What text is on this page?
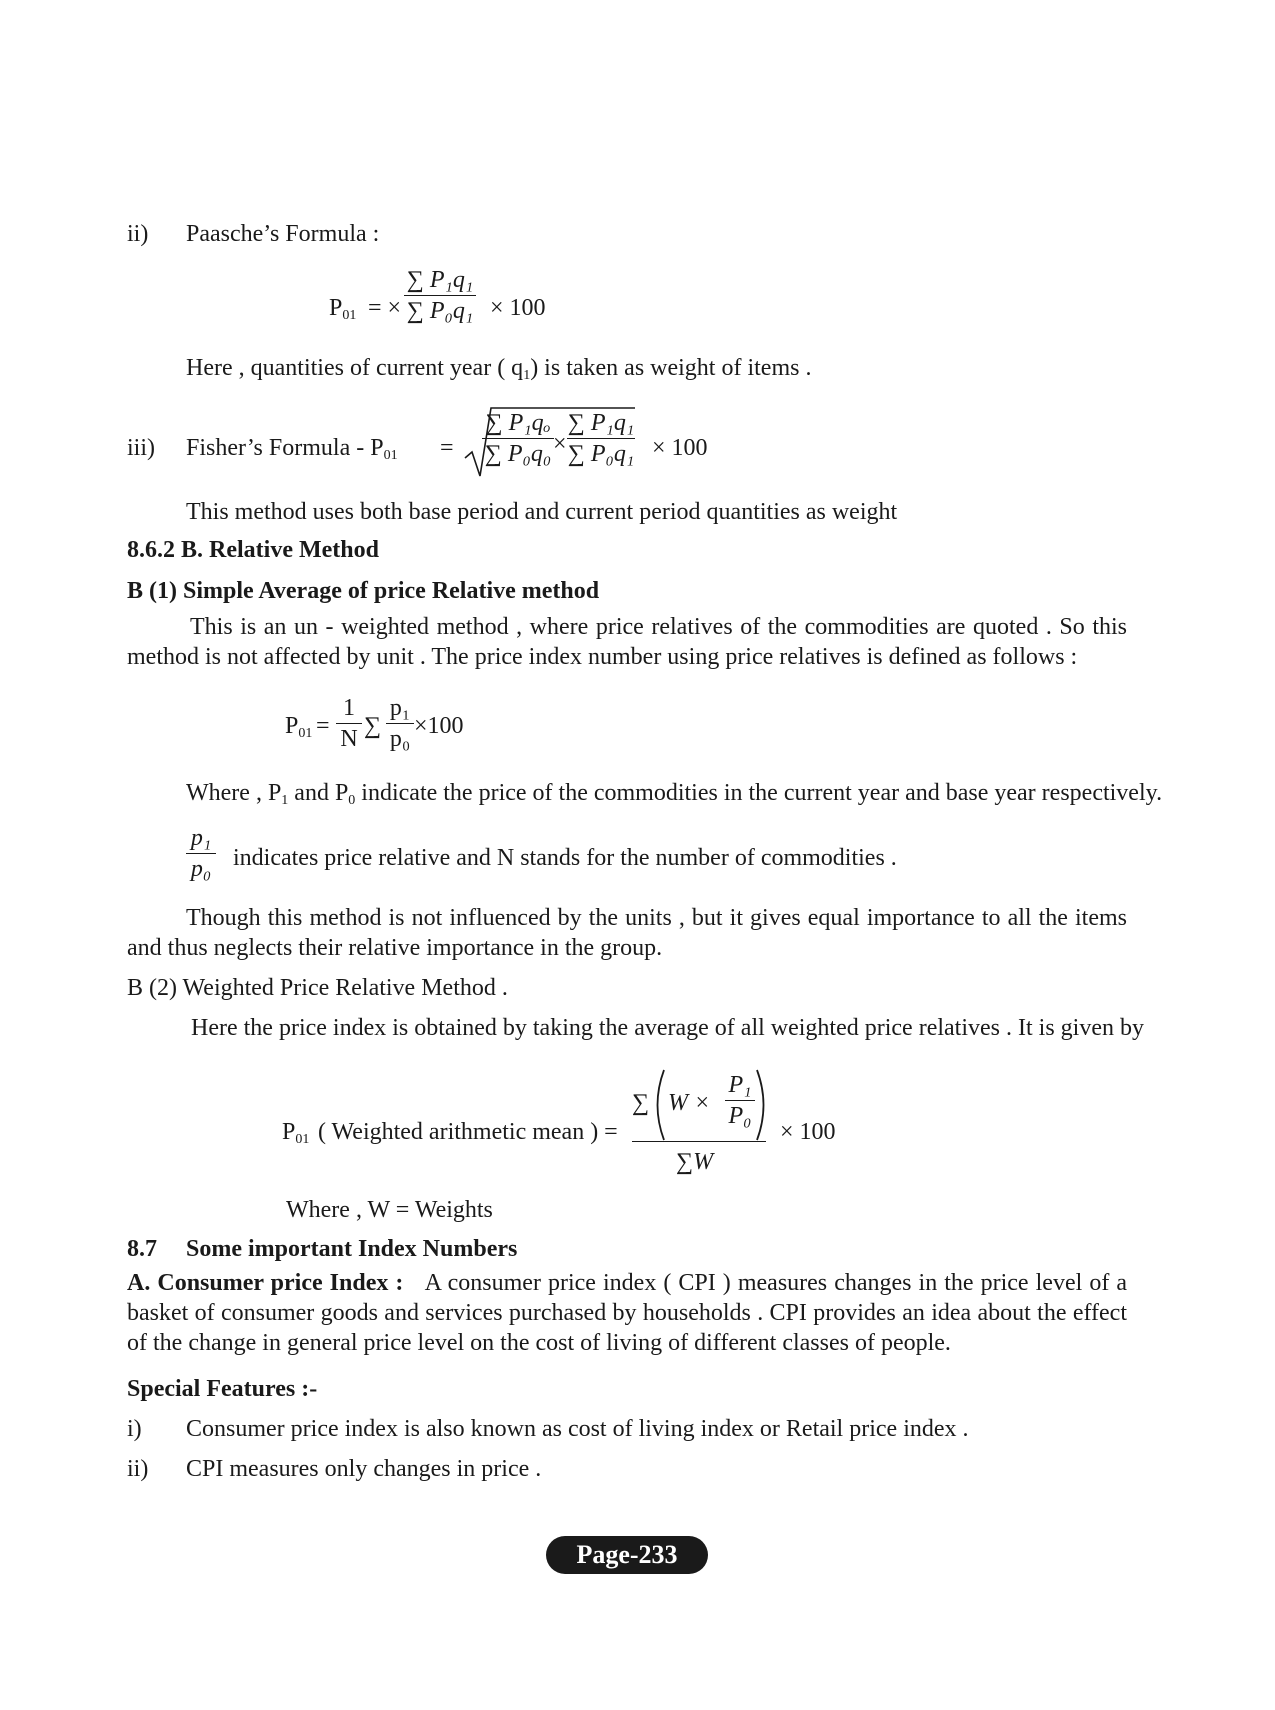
ii) Paasche’s Formula :
$P_{01}$ = ×
∑ P₁q₁
∑ P₀q₁ × 100
Here , quantities of current year ( $q_1$) is taken as weight of items .
iii) Fisher’s Formula - $P_{01}$ =
∑ P₁qₒ
∑ P₀q₀ ×
∑ P₁q₁
∑ P₀q₁ × 100
This method uses both base period and current period quantities as weight
8.6.2 B. Relative Method
B (1) Simple Average of price Relative method
This is an un - weighted method , where price relatives of the commodities are quoted . So this method is not affected by unit . The price index number using price relatives is defined as follows :
$P_{01}$ =
1
N
∑
p₁
p₀
×100
Where , $P_1$ and $P_0$ indicate the price of the commodities in the current year and base year respectively.
p₁
p₀ indicates price relative and N stands for the number of commodities .
Though this method is not influenced by the units , but it gives equal importance to all the items and thus neglects their relative importance in the group.
B (2) Weighted Price Relative Method .
Here the price index is obtained by taking the average of all weighted price relatives . It is given by
$P_{01}$ ( Weighted arithmetic mean ) =
∑ W ×
P₁
P₀
∑W
× 100
Where , W = Weights
8.7 Some important Index Numbers
A. Consumer price Index : A consumer price index ( CPI ) measures changes in the price level of a basket of consumer goods and services purchased by households . CPI provides an idea about the effect of the change in general price level on the cost of living of different classes of people.
Special Features :-
i) Consumer price index is also known as cost of living index or Retail price index .
ii) CPI measures only changes in price .
Page-233
